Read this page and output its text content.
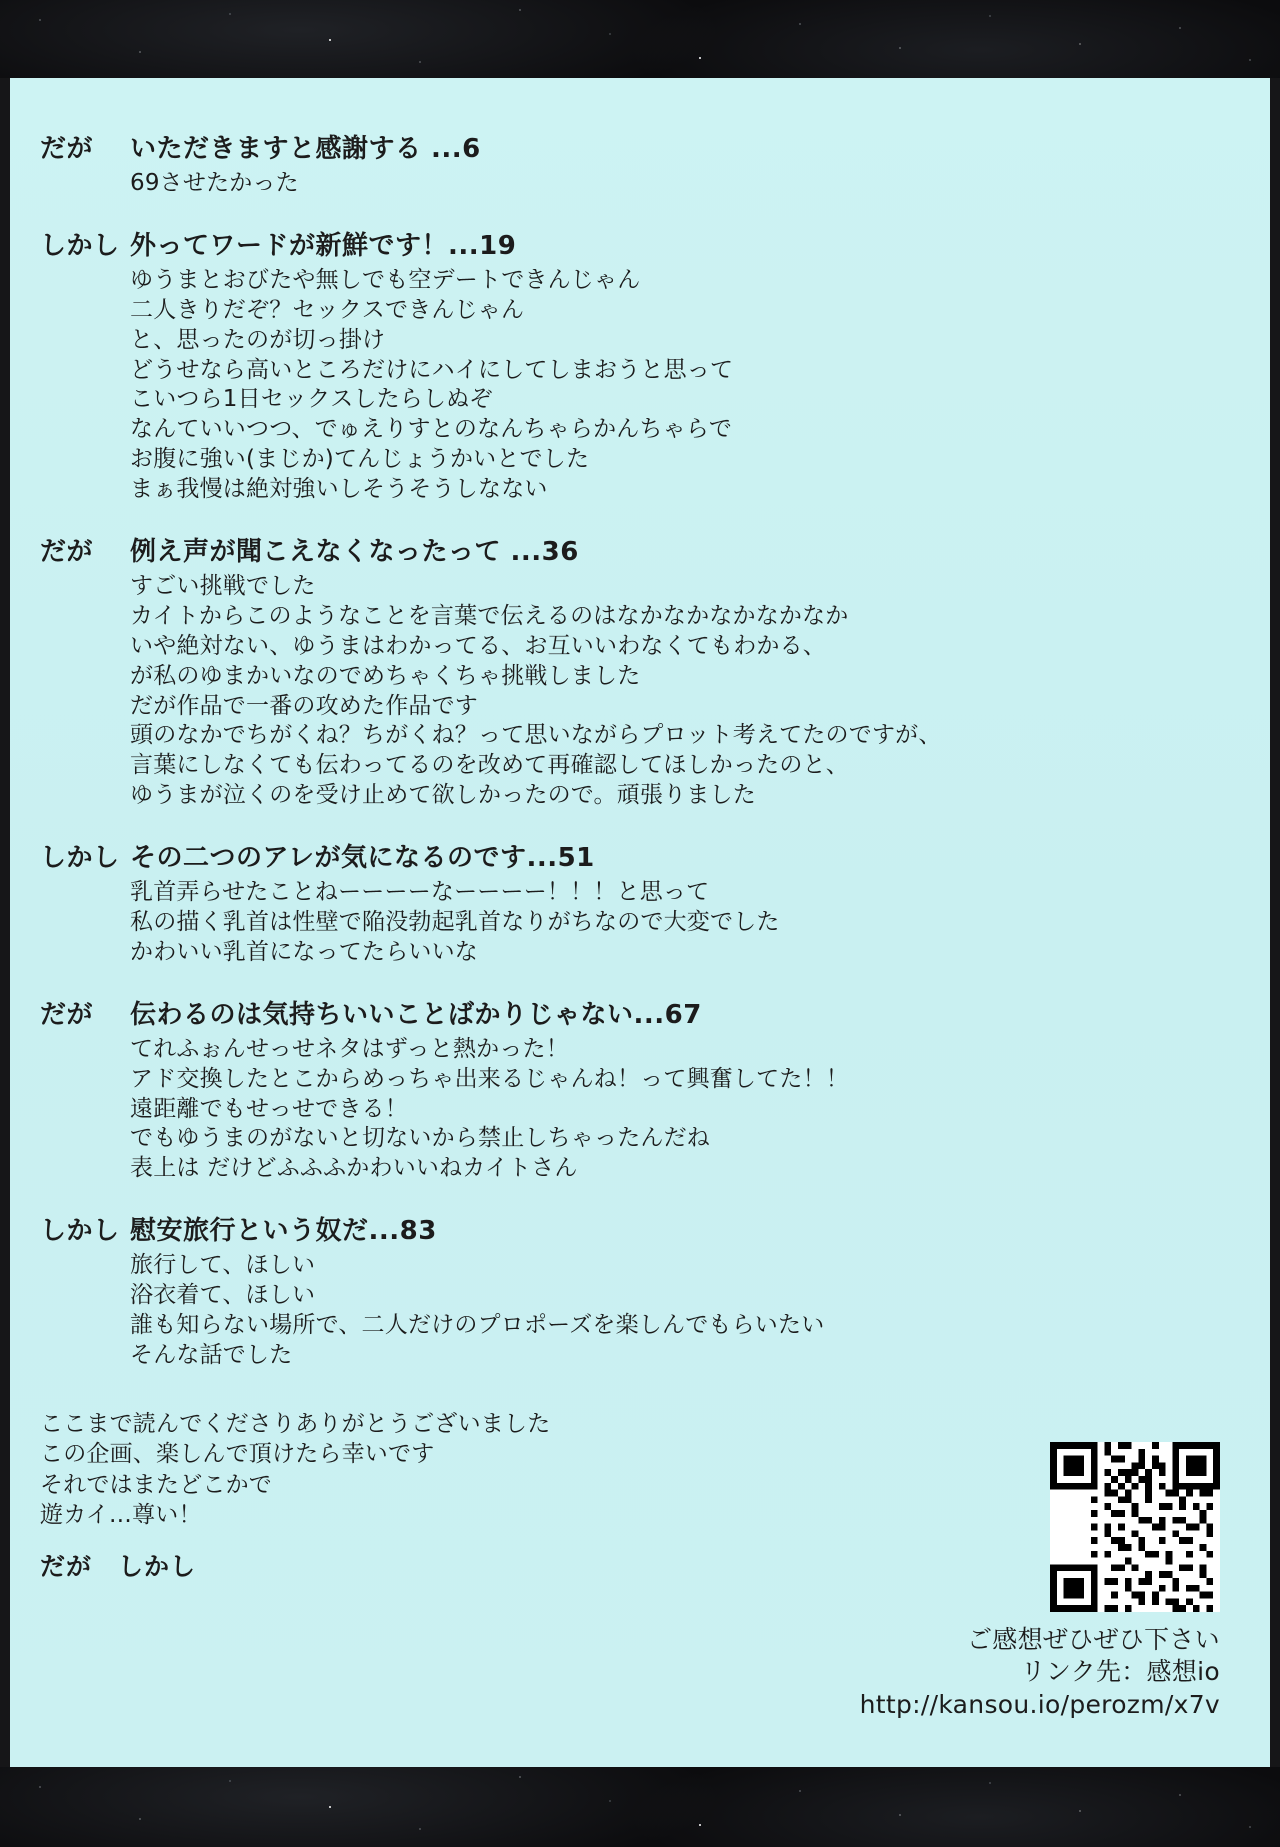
だが	いただきますと感謝する ...6
69させたかった
しかし 外ってワードが新鮮です！...19
ゆうまとおびたや無しでも空デートできんじゃん
二人きりだぞ？セックスできんじゃん
と、思ったのが切っ掛け
どうせなら高いところだけにハイにしてしまおうと思って
こいつら1日セックスしたらしぬぞ
なんていいつつ、でゅえりすとのなんちゃらかんちゃらで
お腹に強い(まじか)てんじょうかいとでした
まぁ我慢は絶対強いしそうそうしなない
だが	例え声が聞こえなくなったって ...36
すごい挑戦でした
カイトからこのようなことを言葉で伝えるのはなかなかなかなかなか
いや絶対ない、ゆうまはわかってる、お互いいわなくてもわかる、
が私のゆまかいなのでめちゃくちゃ挑戦しました
だが作品で一番の攻めた作品です
頭のなかでちがくね？ちがくね？って思いながらプロット考えてたのですが、
言葉にしなくても伝わってるのを改めて再確認してほしかったのと、
ゆうまが泣くのを受け止めて欲しかったので。頑張りました
しかし その二つのアレが気になるのです...51
乳首弄らせたことねーーーーなーーーー！！！と思って
私の描く乳首は性壁で陥没勃起乳首なりがちなので大変でした
かわいい乳首になってたらいいな
だが	伝わるのは気持ちいいことばかりじゃない...67
てれふぉんせっせネタはずっと熱かった！
アド交換したとこからめっちゃ出来るじゃんね！って興奮してた！！
遠距離でもせっせできる！
でもゆうまのがないと切ないから禁止しちゃったんだね
表上は だけどふふふかわいいねカイトさん
しかし 慰安旅行という奴だ...83
旅行して、ほしい
浴衣着て、ほしい
誰も知らない場所で、二人だけのプロポーズを楽しんでもらいたい
そんな話でした
ここまで読んでくださりありがとうございました
この企画、楽しんで頂けたら幸いです
それではまたどこかで
遊カイ…尊い！
だが　しかし
ご感想ぜひぜひ下さい
リンク先：感想io
http://kansou.io/perozm/x7v
